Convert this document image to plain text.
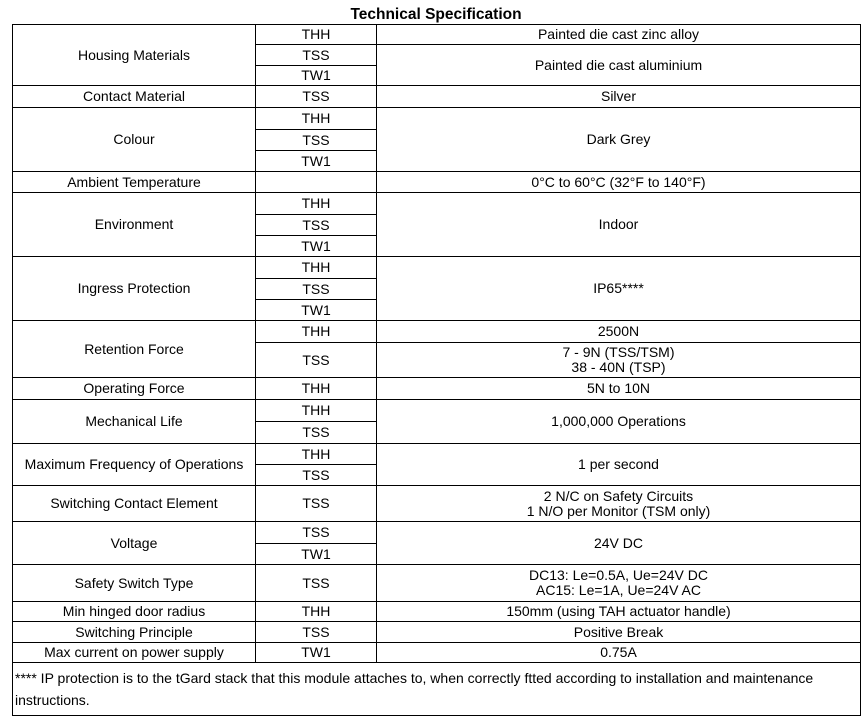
Technical Specification
Housing Materials	THH	Painted die cast zinc alloy

	TSS	Painted die cast aluminium

	TW1	
Contact Material	TSS	Silver

Colour	THH	Dark Grey

	TSS	
	TW1	
Ambient Temperature		0°C to 60°C (32°F to 140°F)

Environment	THH	Indoor

	TSS	
	TW1	
Ingress Protection	THH	IP65****

	TSS	
	TW1	
Retention Force	THH	2500N

	TSS	7 - 9N (TSS/TSM)
38 - 40N (TSP)

Operating Force	THH	5N to 10N

Mechanical Life	THH	1,000,000 Operations

	TSS	
Maximum Frequency of Operations	THH	1 per second

	TSS	
Switching Contact Element	TSS	2 N/C on Safety Circuits
1 N/O per Monitor (TSM only)

Voltage	TSS	24V DC

	TW1	
Safety Switch Type	TSS	DC13: Le=0.5A, Ue=24V DC
AC15: Le=1A, Ue=24V AC

Min hinged door radius	THH	150mm (using TAH actuator handle)

Switching Principle	TSS	Positive Break

Max current on power supply	TW1	0.75A

**** IP protection is to the tGard stack that this module attaches to, when correctly ftted according to installation and maintenance instructions.		
